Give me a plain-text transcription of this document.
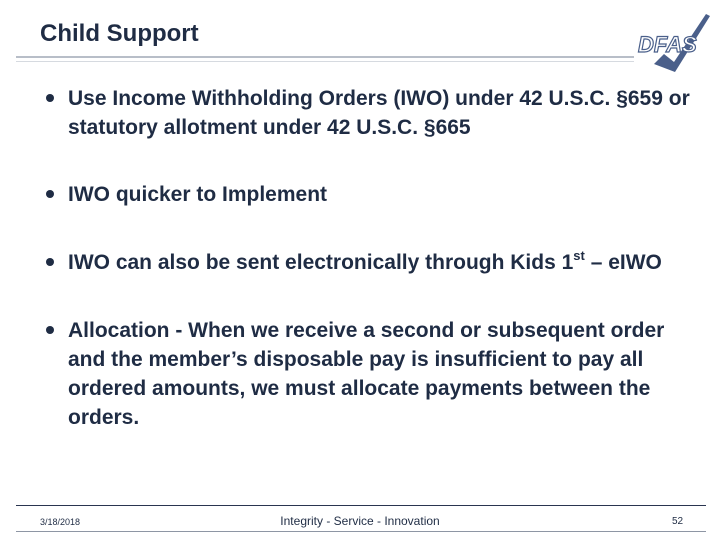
Child Support	DFAS
Use Income Withholding Orders (IWO) under 42 U.S.C. §659 or statutory allotment under 42 U.S.C. §665
IWO quicker to Implement
IWO can also be sent electronically through Kids 1st – eIWO
Allocation - When we receive a second or subsequent order and the member’s disposable pay is insufficient to pay all ordered amounts, we must allocate payments between the orders.
3/18/2018	Integrity - Service - Innovation	52
